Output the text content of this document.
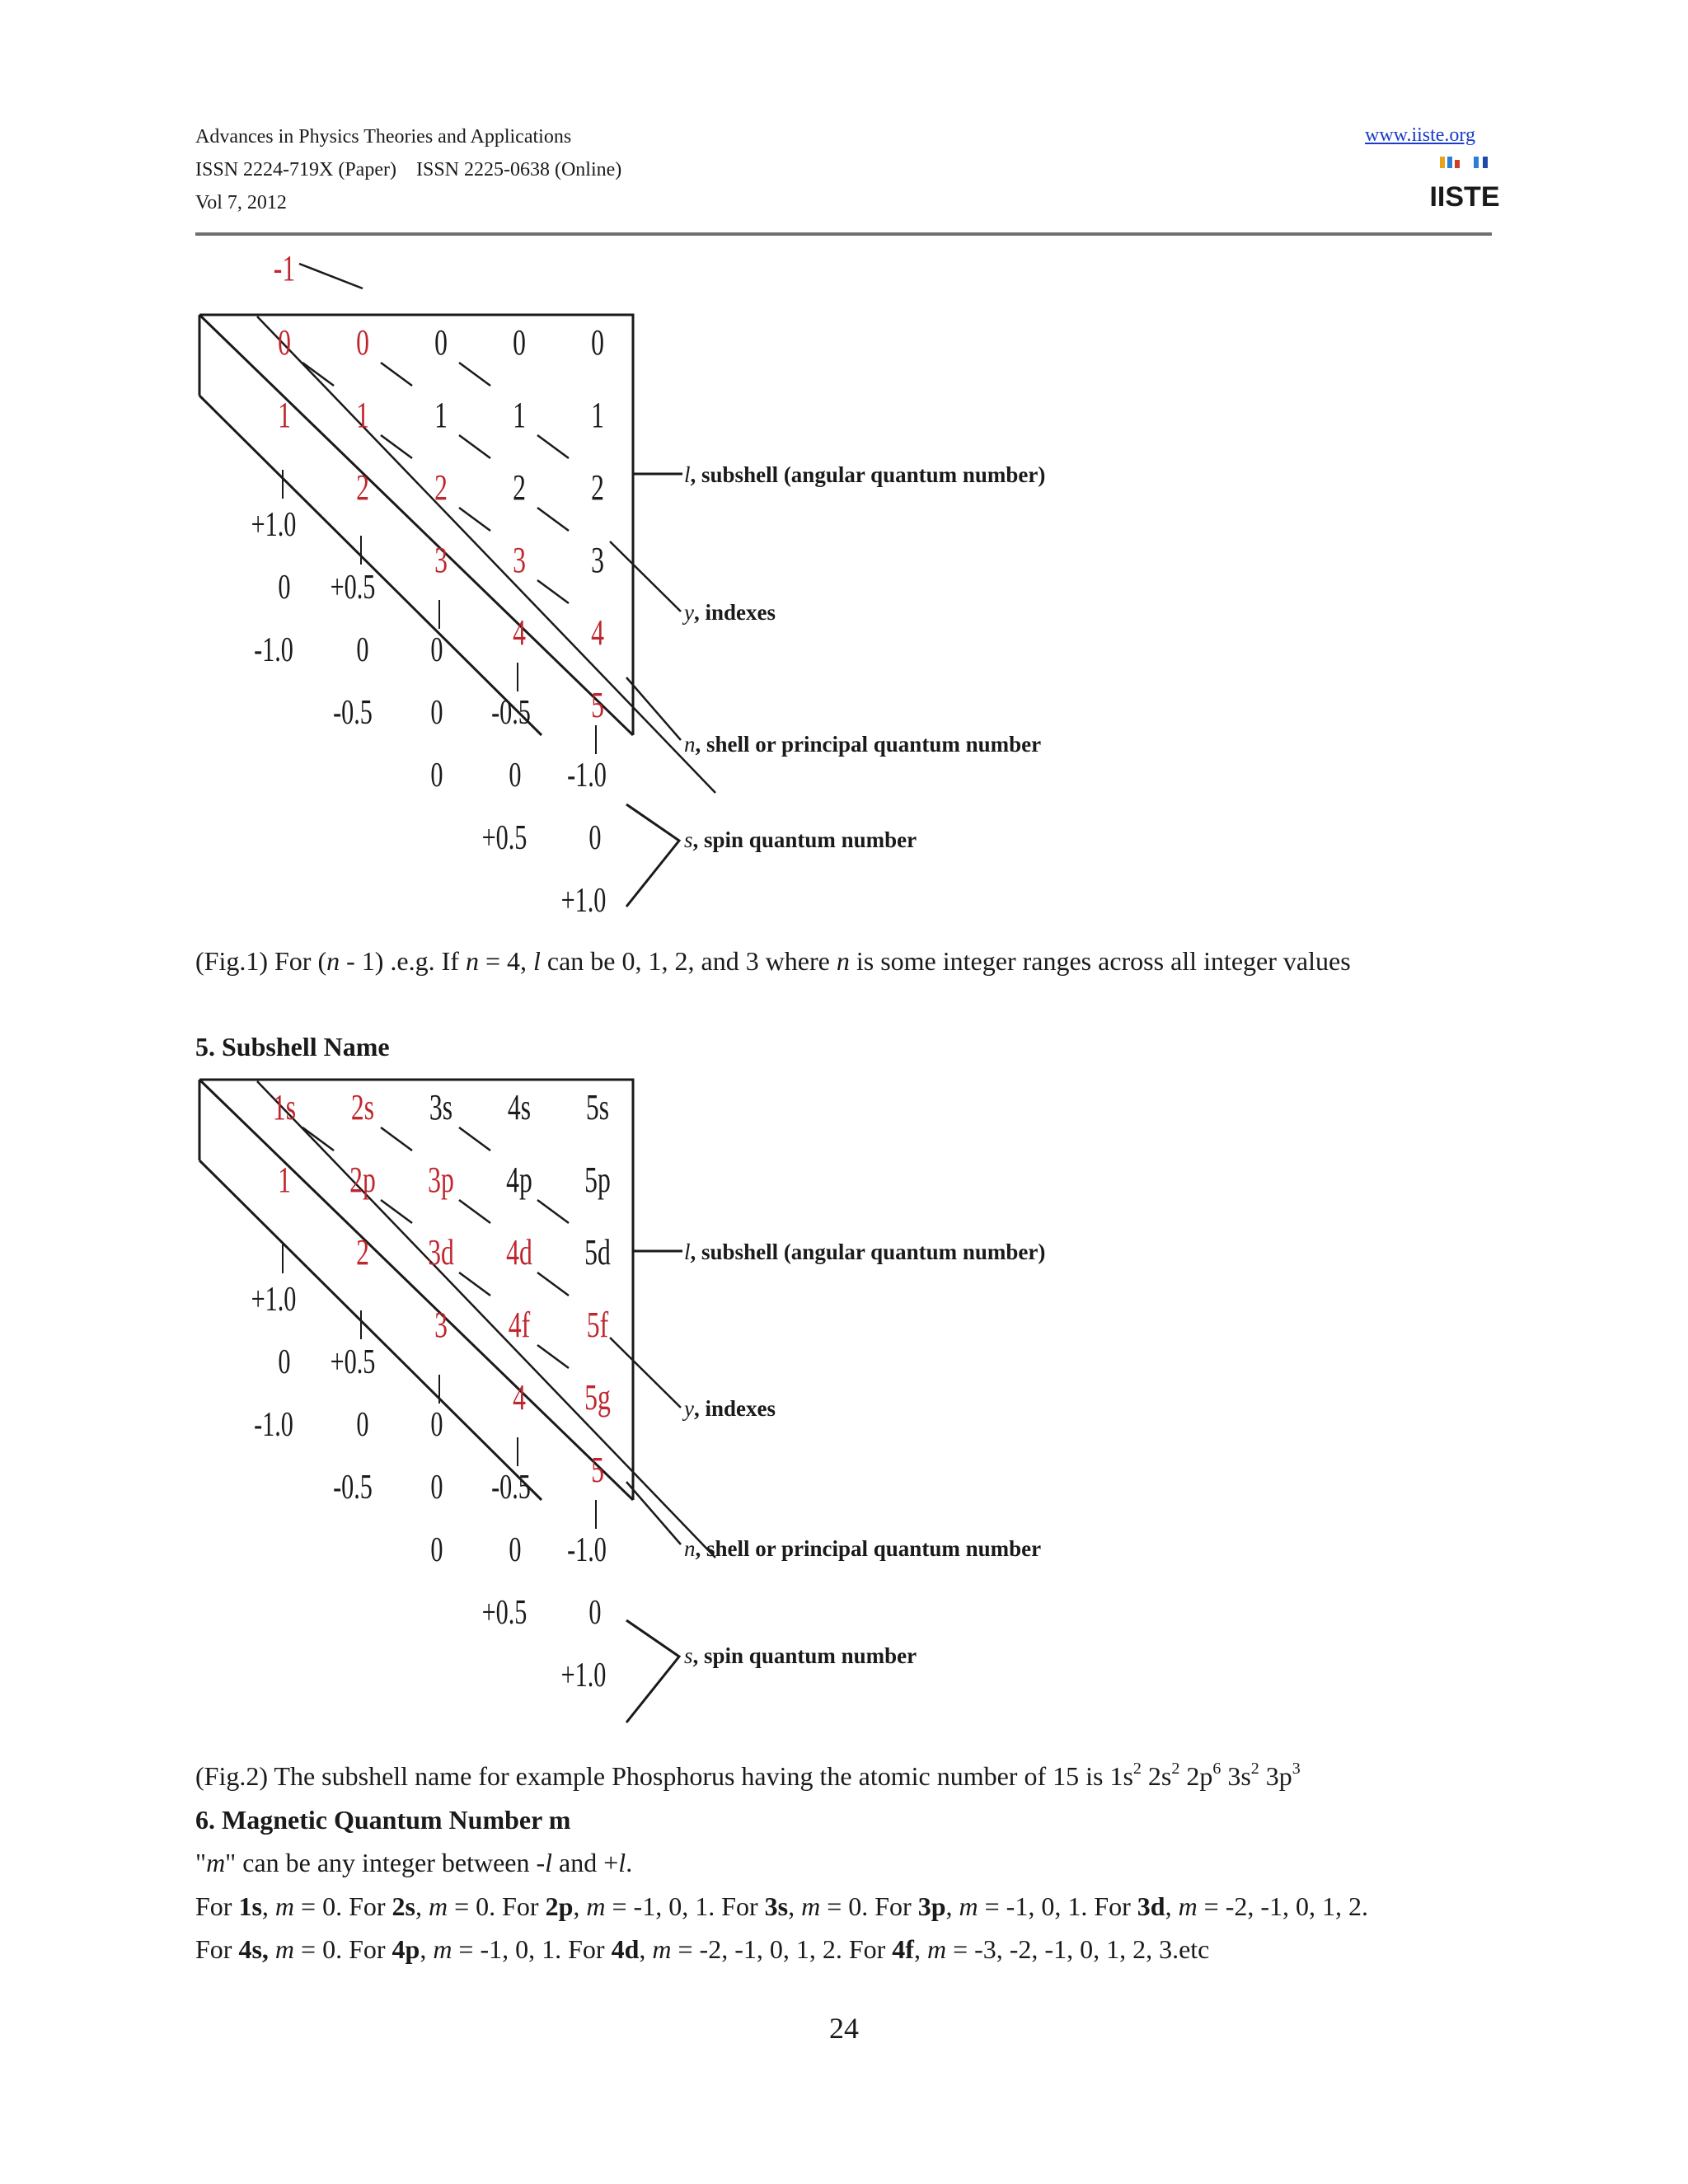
Advances in Physics Theories and Applications
ISSN 2224-719X (Paper)    ISSN 2225-0638 (Online)
Vol 7, 2012
www.iiste.org
IISTE
0 0 0 0 0
1 1 1 1 1
2 2 2 2
3 3 3
4 4
5
-1
+1.0
0
-1.0
+0.5
0
-0.5
0
0
0
-0.5
0
+0.5
-1.0
0
+1.0
l, subshell (angular quantum number)
y, indexes
n, shell or principal quantum number
s, spin quantum number
(Fig.1) For (n - 1) .e.g. If n = 4, l can be 0, 1, 2, and 3 where n is some integer ranges across all integer values
5. Subshell Name
1s 2s 3s 4s 5s
1 2p 3p 4p 5p
2 3d 4d 5d
3 4f 5f
4 5g
5
+1.0
0
-1.0
+0.5
0
-0.5
0
0
0
-0.5
0
+0.5
-1.0
0
+1.0
l, subshell (angular quantum number)
y, indexes
n, shell or principal quantum number
s, spin quantum number
(Fig.2) The subshell name for example Phosphorus having the atomic number of 15 is $1s^2$ $2s^2$ $2p^6$ $3s^2$ $3p^3$
6. Magnetic Quantum Number m
"m" can be any integer between -l and +l.
For 1s, m = 0. For 2s, m = 0. For 2p, m = -1, 0, 1. For 3s, m = 0. For 3p, m = -1, 0, 1. For 3d, m = -2, -1, 0, 1, 2.
For 4s, m = 0. For 4p, m = -1, 0, 1. For 4d, m = -2, -1, 0, 1, 2. For 4f, m = -3, -2, -1, 0, 1, 2, 3.etc
24
